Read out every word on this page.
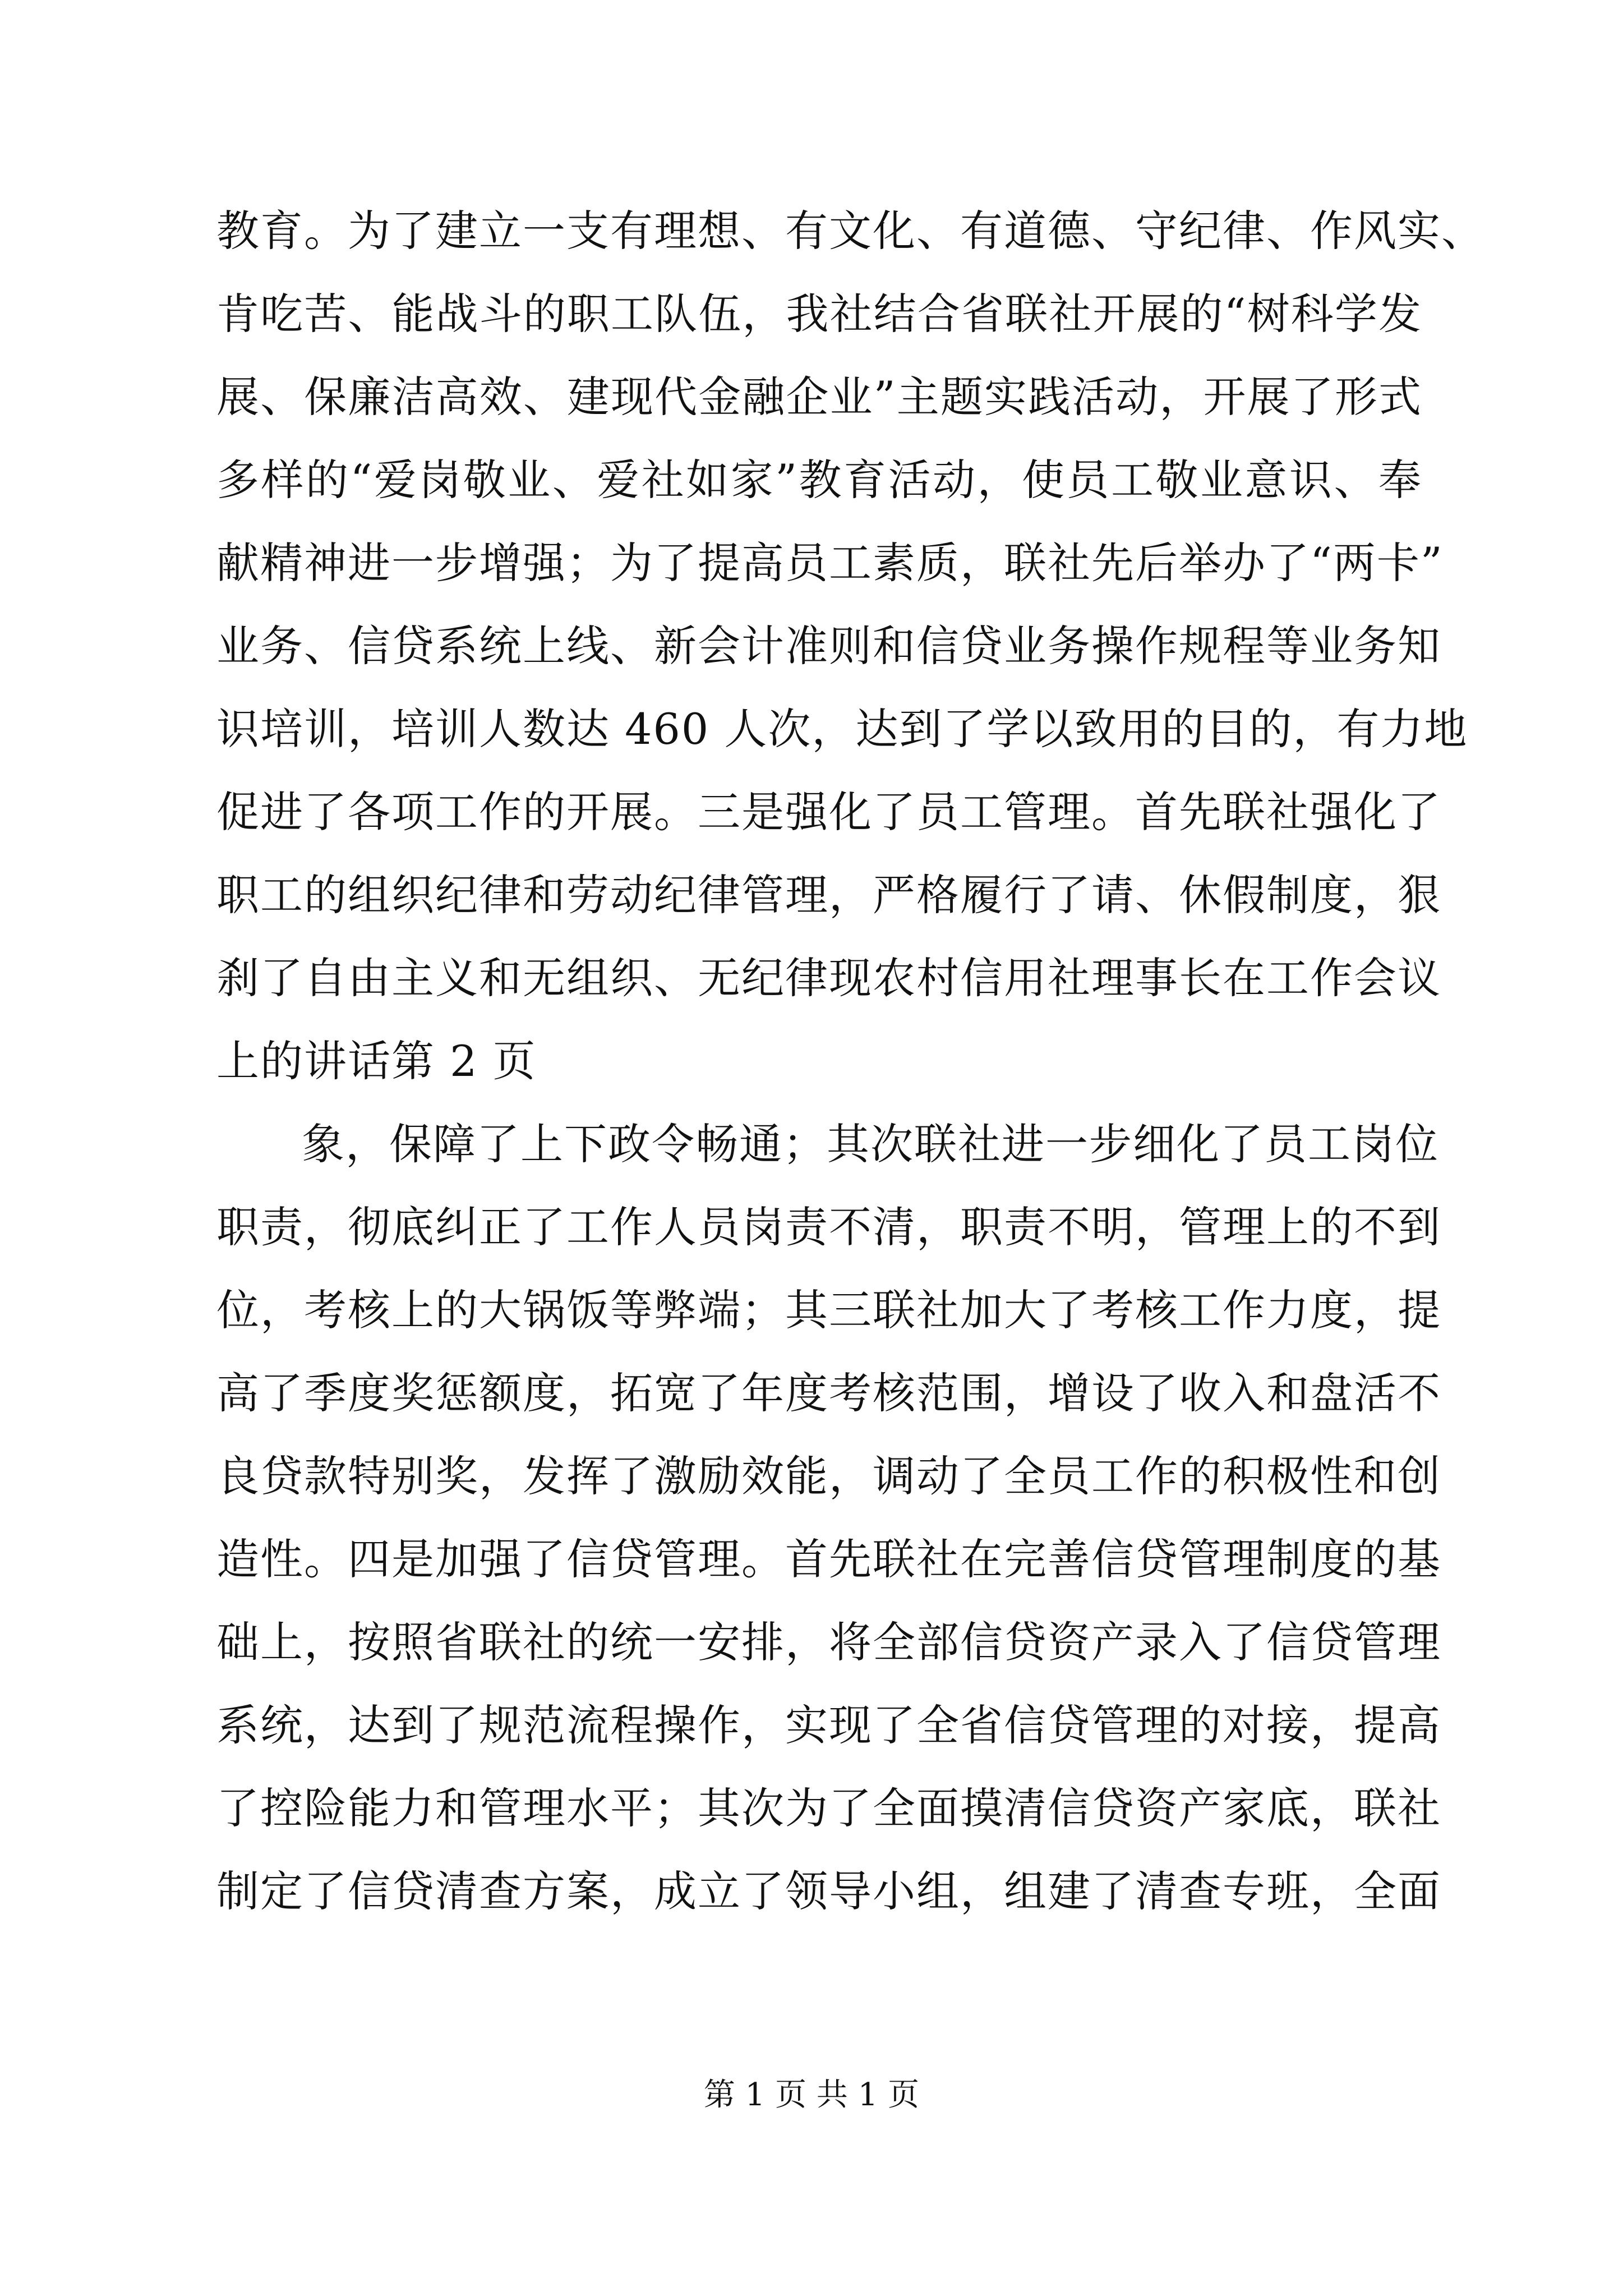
教育。为了建立一支有理想、有文化、有道德、守纪律、作风实、
肯吃苦、能战斗的职工队伍，我社结合省联社开展的“树科学发
展、保廉洁高效、建现代金融企业”主题实践活动，开展了形式
多样的“爱岗敬业、爱社如家”教育活动，使员工敬业意识、奉
献精神进一步增强；为了提高员工素质，联社先后举办了“两卡”
业务、信贷系统上线、新会计准则和信贷业务操作规程等业务知
识培训，培训人数达 460 人次，达到了学以致用的目的，有力地
促进了各项工作的开展。三是强化了员工管理。首先联社强化了
职工的组织纪律和劳动纪律管理，严格履行了请、休假制度，狠
刹了自由主义和无组织、无纪律现农村信用社理事长在工作会议
上的讲话第 2 页
象，保障了上下政令畅通；其次联社进一步细化了员工岗位
职责，彻底纠正了工作人员岗责不清，职责不明，管理上的不到
位，考核上的大锅饭等弊端；其三联社加大了考核工作力度，提
高了季度奖惩额度，拓宽了年度考核范围，增设了收入和盘活不
良贷款特别奖，发挥了激励效能，调动了全员工作的积极性和创
造性。四是加强了信贷管理。首先联社在完善信贷管理制度的基
础上，按照省联社的统一安排，将全部信贷资产录入了信贷管理
系统，达到了规范流程操作，实现了全省信贷管理的对接，提高
了控险能力和管理水平；其次为了全面摸清信贷资产家底，联社
制定了信贷清查方案，成立了领导小组，组建了清查专班，全面
第 1 页 共 1 页
